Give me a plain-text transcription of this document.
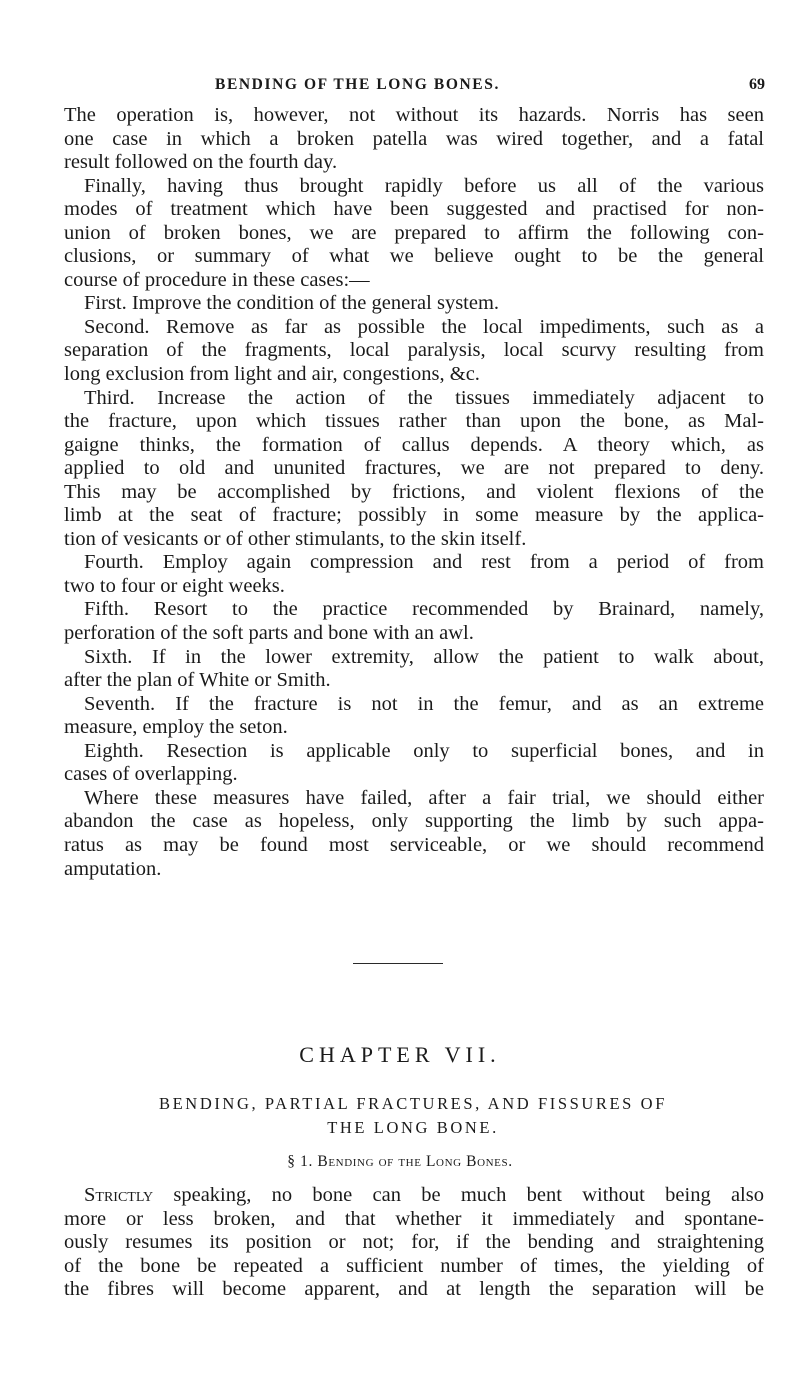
BENDING OF THE LONG BONES.	69
The operation is, however, not without its hazards. Norris has seen
one case in which a broken patella was wired together, and a fatal
result followed on the fourth day.
Finally, having thus brought rapidly before us all of the various
modes of treatment which have been suggested and practised for non-
union of broken bones, we are prepared to affirm the following con-
clusions, or summary of what we believe ought to be the general
course of procedure in these cases:—
First. Improve the condition of the general system.
Second. Remove as far as possible the local impediments, such as a
separation of the fragments, local paralysis, local scurvy resulting from
long exclusion from light and air, congestions, &c.
Third. Increase the action of the tissues immediately adjacent to
the fracture, upon which tissues rather than upon the bone, as Mal-
gaigne thinks, the formation of callus depends. A theory which, as
applied to old and ununited fractures, we are not prepared to deny.
This may be accomplished by frictions, and violent flexions of the
limb at the seat of fracture; possibly in some measure by the applica-
tion of vesicants or of other stimulants, to the skin itself.
Fourth. Employ again compression and rest from a period of from
two to four or eight weeks.
Fifth. Resort to the practice recommended by Brainard, namely,
perforation of the soft parts and bone with an awl.
Sixth. If in the lower extremity, allow the patient to walk about,
after the plan of White or Smith.
Seventh. If the fracture is not in the femur, and as an extreme
measure, employ the seton.
Eighth. Resection is applicable only to superficial bones, and in
cases of overlapping.
Where these measures have failed, after a fair trial, we should either
abandon the case as hopeless, only supporting the limb by such appa-
ratus as may be found most serviceable, or we should recommend
amputation.
CHAPTER VII.
BENDING, PARTIAL FRACTURES, AND FISSURES OF
THE LONG BONE.
§ 1. Bending of the Long Bones.
Strictly speaking, no bone can be much bent without being also
more or less broken, and that whether it immediately and spontane-
ously resumes its position or not; for, if the bending and straightening
of the bone be repeated a sufficient number of times, the yielding of
the fibres will become apparent, and at length the separation will be
